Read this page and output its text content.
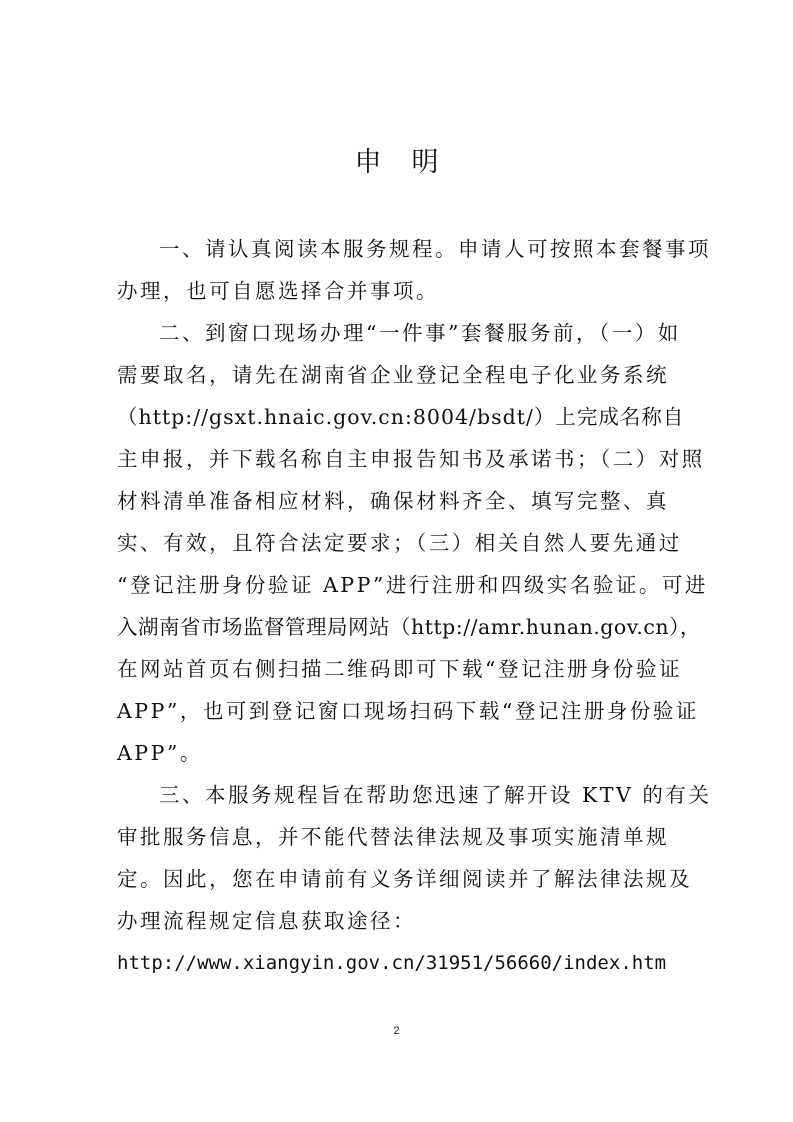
申明
一、请认真阅读本服务规程。申请人可按照本套餐事项
办理，也可自愿选择合并事项。
二、到窗口现场办理“一件事”套餐服务前，（一）如
需要取名，请先在湖南省企业登记全程电子化业务系统
（http://gsxt.hnaic.gov.cn:8004/bsdt/）上完成名称自
主申报，并下载名称自主申报告知书及承诺书；（二）对照
材料清单准备相应材料，确保材料齐全、填写完整、真
实、有效，且符合法定要求；（三）相关自然人要先通过
“登记注册身份验证 APP”进行注册和四级实名验证。可进
入湖南省市场监督管理局网站（http://amr.hunan.gov.cn），
在网站首页右侧扫描二维码即可下载“登记注册身份验证
APP”，也可到登记窗口现场扫码下载“登记注册身份验证
APP”。
三、本服务规程旨在帮助您迅速了解开设 KTV 的有关
审批服务信息，并不能代替法律法规及事项实施清单规
定。因此，您在申请前有义务详细阅读并了解法律法规及
办理流程规定信息获取途径：
http://www.xiangyin.gov.cn/31951/56660/index.htm
2
